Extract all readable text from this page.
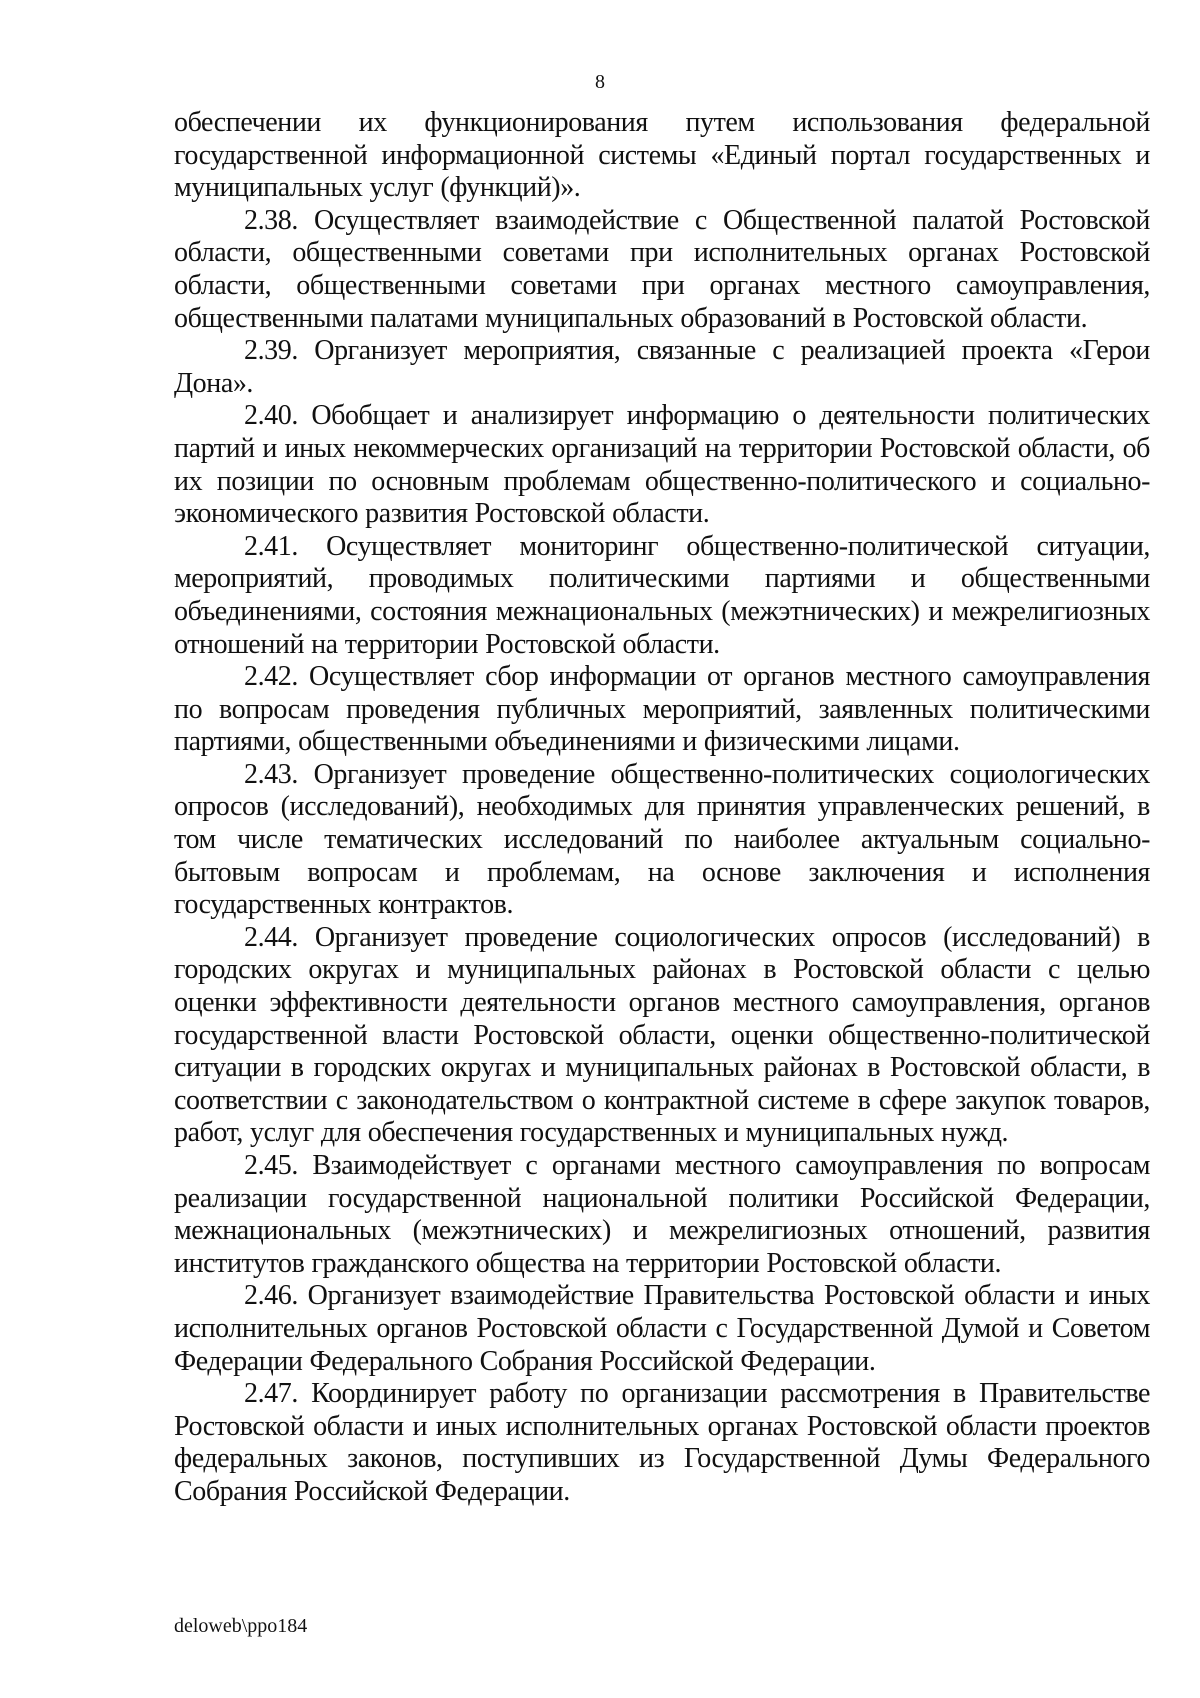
8

обеспечении их функционирования путем использования федеральной государственной информационной системы «Единый портал государственных и муниципальных услуг (функций)».

2.38. Осуществляет взаимодействие с Общественной палатой Ростовской области, общественными советами при исполнительных органах Ростовской области, общественными советами при органах местного самоуправления, общественными палатами муниципальных образований в Ростовской области.

2.39. Организует мероприятия, связанные с реализацией проекта «Герои Дона».

2.40. Обобщает и анализирует информацию о деятельности политических партий и иных некоммерческих организаций на территории Ростовской области, об их позиции по основным проблемам общественно-политического и социально-экономического развития Ростовской области.

2.41. Осуществляет мониторинг общественно-политической ситуации, мероприятий, проводимых политическими партиями и общественными объединениями, состояния межнациональных (межэтнических) и межрелигиозных отношений на территории Ростовской области.

2.42. Осуществляет сбор информации от органов местного самоуправления по вопросам проведения публичных мероприятий, заявленных политическими партиями, общественными объединениями и физическими лицами.

2.43. Организует проведение общественно-политических социологических опросов (исследований), необходимых для принятия управленческих решений, в том числе тематических исследований по наиболее актуальным социально-бытовым вопросам и проблемам, на основе заключения и исполнения государственных контрактов.

2.44. Организует проведение социологических опросов (исследований) в городских округах и муниципальных районах в Ростовской области с целью оценки эффективности деятельности органов местного самоуправления, органов государственной власти Ростовской области, оценки общественно-политической ситуации в городских округах и муниципальных районах в Ростовской области, в соответствии с законодательством о контрактной системе в сфере закупок товаров, работ, услуг для обеспечения государственных и муниципальных нужд.

2.45. Взаимодействует с органами местного самоуправления по вопросам реализации государственной национальной политики Российской Федерации, межнациональных (межэтнических) и межрелигиозных отношений, развития институтов гражданского общества на территории Ростовской области.

2.46. Организует взаимодействие Правительства Ростовской области и иных исполнительных органов Ростовской области с Государственной Думой и Советом Федерации Федерального Собрания Российской Федерации.

2.47. Координирует работу по организации рассмотрения в Правительстве Ростовской области и иных исполнительных органах Ростовской области проектов федеральных законов, поступивших из Государственной Думы Федерального Собрания Российской Федерации.

deloweb\ppo184
